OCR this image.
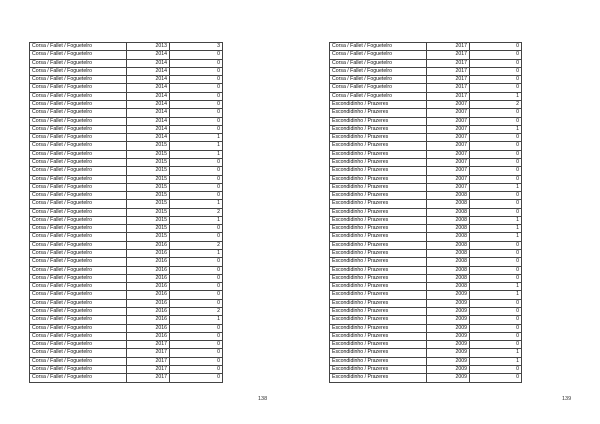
Corsa / Fallet / Foguetelro	2013	3
Corsa / Fallet / Foguetelro	2014	0
Corsa / Fallet / Foguetelro	2014	0
Corsa / Fallet / Foguetelro	2014	0
Corsa / Fallet / Foguetelro	2014	0
Corsa / Fallet / Foguetelro	2014	0
Corsa / Fallet / Foguetelro	2014	0
Corsa / Fallet / Foguetelro	2014	0
Corsa / Fallet / Foguetelro	2014	0
Corsa / Fallet / Foguetelro	2014	0
Corsa / Fallet / Foguetelro	2014	0
Corsa / Fallet / Foguetelro	2014	1
Corsa / Fallet / Foguetelro	2015	1
Corsa / Fallet / Foguetelro	2015	1
Corsa / Fallet / Foguetelro	2015	0
Corsa / Fallet / Foguetelro	2015	0
Corsa / Fallet / Foguetelro	2015	0
Corsa / Fallet / Foguetelro	2015	0
Corsa / Fallet / Foguetelro	2015	0
Corsa / Fallet / Foguetelro	2015	1
Corsa / Fallet / Foguetelro	2015	2
Corsa / Fallet / Foguetelro	2015	1
Corsa / Fallet / Foguetelro	2015	0
Corsa / Fallet / Foguetelro	2015	0
Corsa / Fallet / Foguetelro	2016	2
Corsa / Fallet / Foguetelro	2016	1
Corsa / Fallet / Foguetelro	2016	0
Corsa / Fallet / Foguetelro	2016	0
Corsa / Fallet / Foguetelro	2016	0
Corsa / Fallet / Foguetelro	2016	0
Corsa / Fallet / Foguetelro	2016	0
Corsa / Fallet / Foguetelro	2016	0
Corsa / Fallet / Foguetelro	2016	2
Corsa / Fallet / Foguetelro	2016	1
Corsa / Fallet / Foguetelro	2016	0
Corsa / Fallet / Foguetelro	2016	0
Corsa / Fallet / Foguetelro	2017	0
Corsa / Fallet / Foguetelro	2017	0
Corsa / Fallet / Foguetelro	2017	0
Corsa / Fallet / Foguetelro	2017	0
Corsa / Fallet / Foguetelro	2017	0
138
Corsa / Fallet / Foguetelro	2017	0
Corsa / Fallet / Foguetelro	2017	0
Corsa / Fallet / Foguetelro	2017	0
Corsa / Fallet / Foguetelro	2017	0
Corsa / Fallet / Foguetelro	2017	0
Corsa / Fallet / Foguetelro	2017	0
Corsa / Fallet / Foguetelro	2017	1
Escondidinho / Prazeres	2007	2
Escondidinho / Prazeres	2007	0
Escondidinho / Prazeres	2007	0
Escondidinho / Prazeres	2007	1
Escondidinho / Prazeres	2007	0
Escondidinho / Prazeres	2007	0
Escondidinho / Prazeres	2007	0
Escondidinho / Prazeres	2007	0
Escondidinho / Prazeres	2007	0
Escondidinho / Prazeres	2007	0
Escondidinho / Prazeres	2007	1
Escondidinho / Prazeres	2008	0
Escondidinho / Prazeres	2008	0
Escondidinho / Prazeres	2008	0
Escondidinho / Prazeres	2008	1
Escondidinho / Prazeres	2008	1
Escondidinho / Prazeres	2008	1
Escondidinho / Prazeres	2008	0
Escondidinho / Prazeres	2008	0
Escondidinho / Prazeres	2008	0
Escondidinho / Prazeres	2008	0
Escondidinho / Prazeres	2008	0
Escondidinho / Prazeres	2008	1
Escondidinho / Prazeres	2009	1
Escondidinho / Prazeres	2009	0
Escondidinho / Prazeres	2009	0
Escondidinho / Prazeres	2009	0
Escondidinho / Prazeres	2009	0
Escondidinho / Prazeres	2009	0
Escondidinho / Prazeres	2009	0
Escondidinho / Prazeres	2009	1
Escondidinho / Prazeres	2009	1
Escondidinho / Prazeres	2009	0
Escondidinho / Prazeres	2009	0
139
